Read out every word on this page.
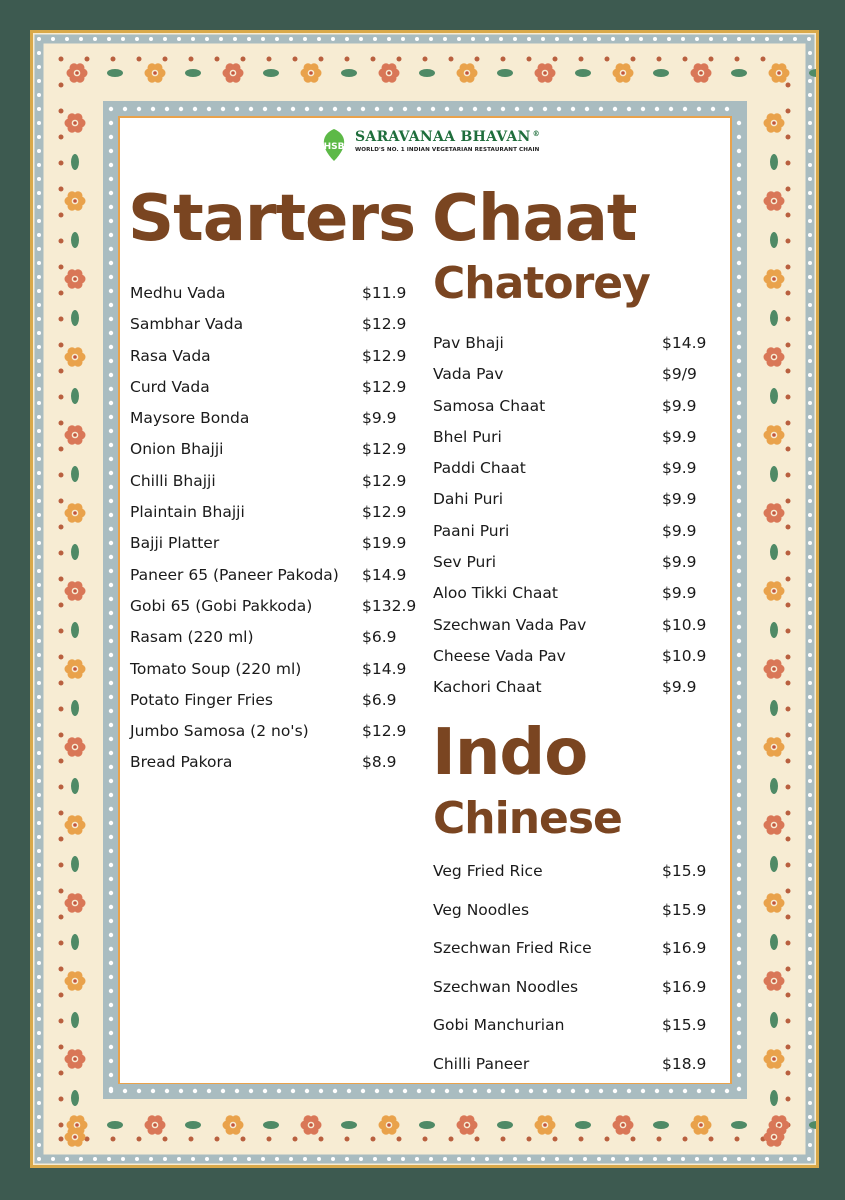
HSB
SARAVANAA BHAVAN ®
WORLD'S NO. 1 INDIAN VEGETARIAN RESTAURANT CHAIN
Starters
Medhu Vada	$11.9
Sambhar Vada	$12.9
Rasa Vada	$12.9
Curd Vada	$12.9
Maysore Bonda	$9.9
Onion Bhajji	$12.9
Chilli Bhajji	$12.9
Plaintain Bhajji	$12.9
Bajji Platter	$19.9
Paneer 65 (Paneer Pakoda) $14.9
Gobi 65 (Gobi Pakkoda)	$132.9
Rasam (220 ml)	$6.9
Tomato Soup (220 ml)	$14.9
Potato Finger Fries	$6.9
Jumbo Samosa (2 no's)	$12.9
Bread Pakora	$8.9
Chaat
Chatorey
Pav Bhaji	$14.9
Vada Pav	$9/9
Samosa Chaat	$9.9
Bhel Puri	$9.9
Paddi Chaat	$9.9
Dahi Puri	$9.9
Paani Puri	$9.9
Sev Puri	$9.9
Aloo Tikki Chaat	$9.9
Szechwan Vada Pav	$10.9
Cheese Vada Pav	$10.9
Kachori Chaat	$9.9
Indo
Chinese
Veg Fried Rice	$15.9
Veg Noodles	$15.9
Szechwan Fried Rice	$16.9
Szechwan Noodles	$16.9
Gobi Manchurian	$15.9
Chilli Paneer	$18.9
